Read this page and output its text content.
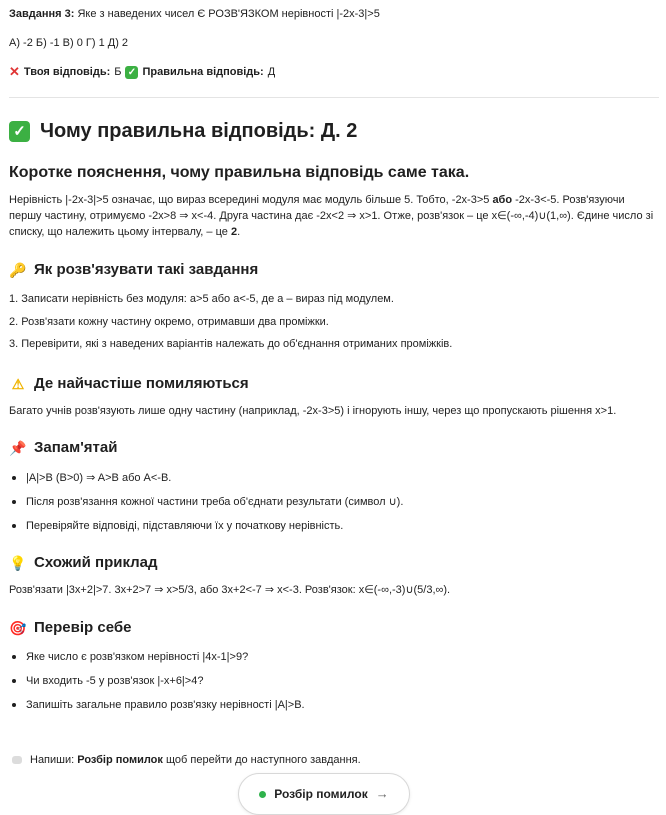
Завдання 3: Яке з наведених чисел Є РОЗВ'ЯЗКОМ нерівності |-2x-3|>5
А) -2 Б) -1 В) 0 Г) 1 Д) 2
✕ Твоя відповідь: Б ✓ Правильна відповідь: Д
✓ Чому правильна відповідь: Д. 2
Коротке пояснення, чому правильна відповідь саме така.
Нерівність |-2x-3|>5 означає, що вираз всередині модуля має модуль більше 5. Тобто, -2x-3>5 або -2x-3<-5. Розв'язуючи першу частину, отримуємо -2x>8 ⇒ x<-4. Друга частина дає -2x<2 ⇒ x>1. Отже, розв'язок – це x∈(-∞,-4)∪(1,∞). Єдине число зі списку, що належить цьому інтервалу, – це 2.
🔑 Як розв'язувати такі завдання
1. Записати нерівність без модуля: a>5 або a<-5, де a – вираз під модулем.
2. Розв'язати кожну частину окремо, отримавши два проміжки.
3. Перевірити, які з наведених варіантів належать до об'єднання отриманих проміжків.
⚠ Де найчастіше помиляються
Багато учнів розв'язують лише одну частину (наприклад, -2x-3>5) і ігнорують іншу, через що пропускають рішення x>1.
📌 Запам'ятай
|A|>B (B>0) ⇒ A>B або A<-B.
Після розв'язання кожної частини треба об'єднати результати (символ ∪).
Перевіряйте відповіді, підставляючи їх у початкову нерівність.
💡 Схожий приклад
Розв'язати |3x+2|>7. 3x+2>7 ⇒ x>5/3, або 3x+2<-7 ⇒ x<-3. Розв'язок: x∈(-∞,-3)∪(5/3,∞).
🎯 Перевір себе
Яке число є розв'язком нерівності |4x-1|>9?
Чи входить -5 у розв'язок |-x+6|>4?
Запишіть загальне правило розв'язку нерівності |A|>B.
Напиши:
Розбір помилок
щоб перейти до наступного завдання.
Розбір помилок →
